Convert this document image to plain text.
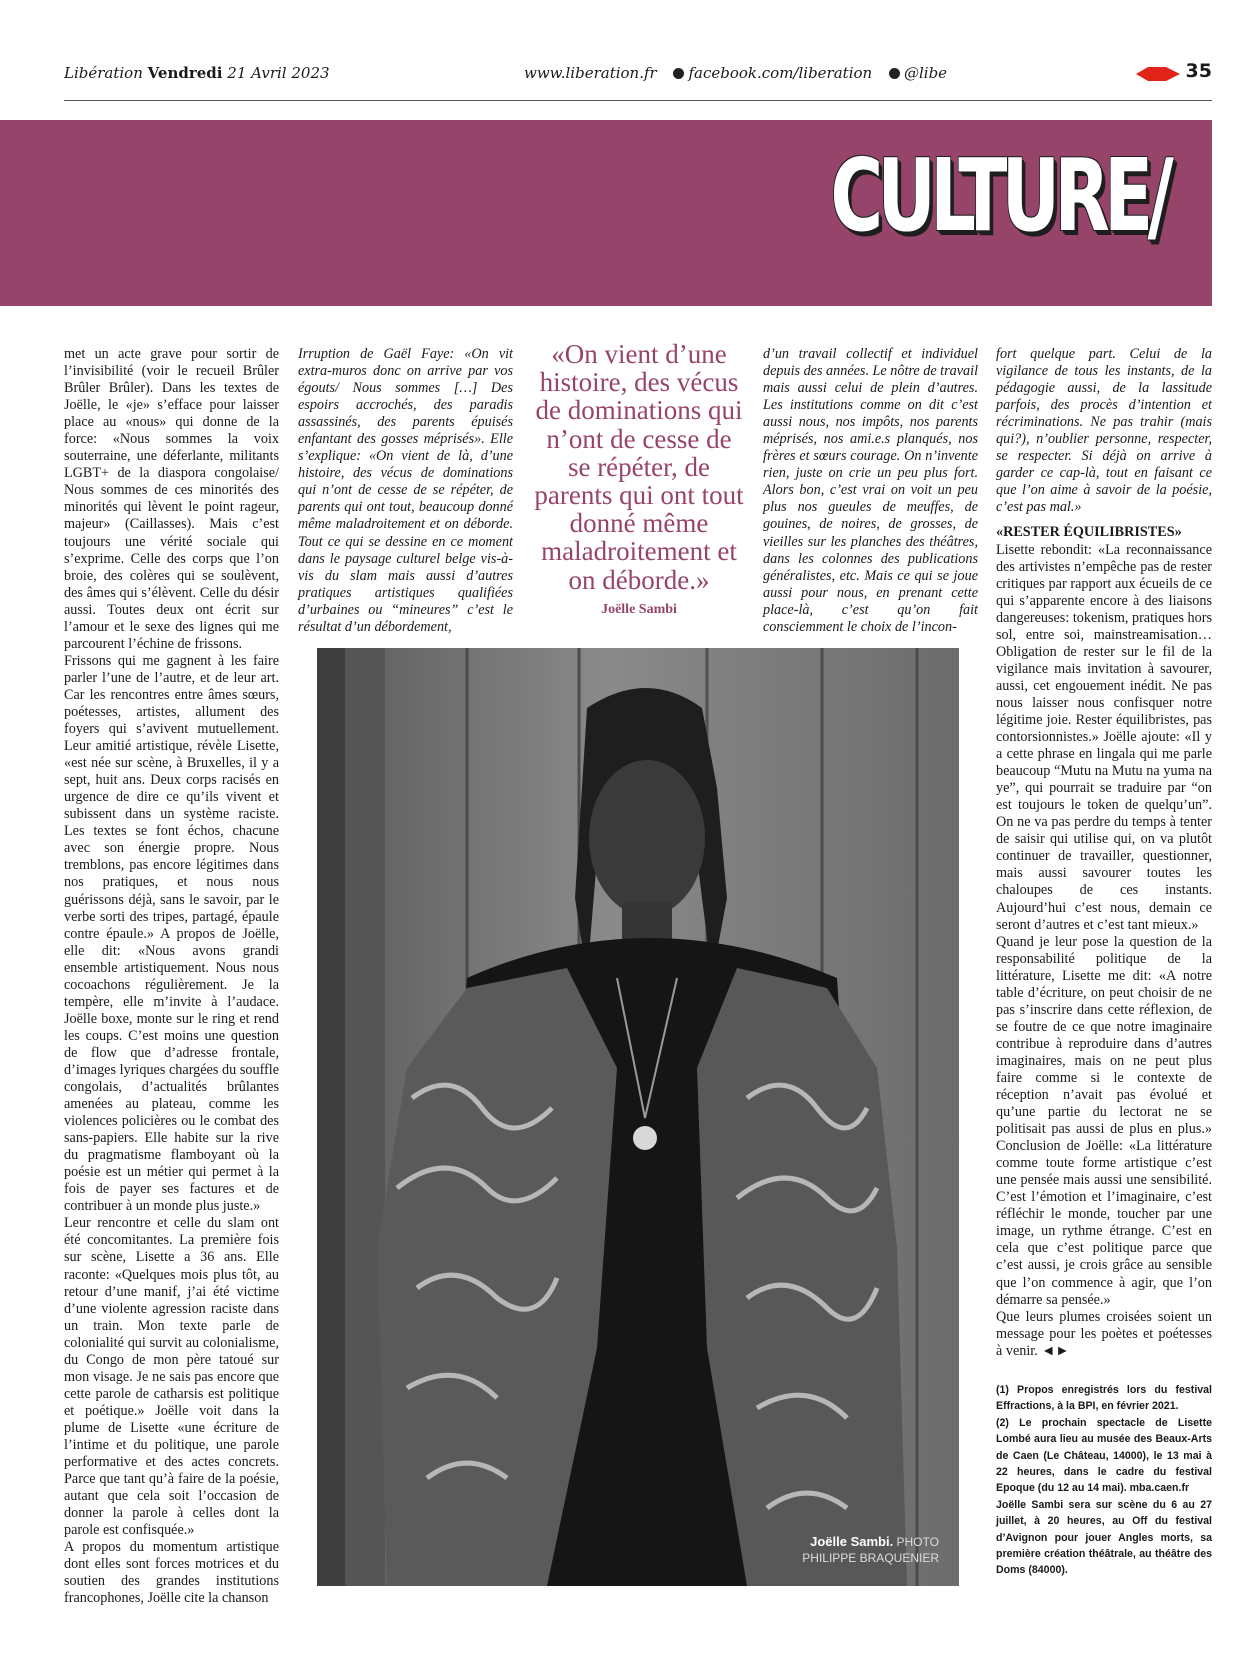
Libération Vendredi 21 Avril 2023	www.liberation.fr facebook.com/liberation @libe	35
CULTURE/

met un acte grave pour sortir de l’invisibilité (voir le recueil Brûler Brûler Brûler). Dans les textes de Joëlle, le «je» s’efface pour laisser place au «nous» qui donne de la force: «Nous sommes la voix souterraine, une déferlante, militants LGBT+ de la diaspora congolaise/ Nous sommes de ces minorités des minorités qui lèvent le point rageur, majeur» (Caillasses). Mais c’est toujours une vérité sociale qui s’exprime. Celle des corps que l’on broie, des colères qui se soulèvent, des âmes qui s’élèvent. Celle du désir aussi. Toutes deux ont écrit sur l’amour et le sexe des lignes qui me parcourent l’échine de frissons.

Frissons qui me gagnent à les faire parler l’une de l’autre, et de leur art. Car les rencontres entre âmes sœurs, poétesses, artistes, allument des foyers qui s’avivent mutuellement. Leur amitié artistique, révèle Lisette, «est née sur scène, à Bruxelles, il y a sept, huit ans. Deux corps racisés en urgence de dire ce qu’ils vivent et subissent dans un système raciste. Les textes se font échos, chacune avec son énergie propre. Nous tremblons, pas encore légitimes dans nos pratiques, et nous nous guérissons déjà, sans le savoir, par le verbe sorti des tripes, partagé, épaule contre épaule.» A propos de Joëlle, elle dit: «Nous avons grandi ensemble artistiquement. Nous nous cocoachons régulièrement. Je la tempère, elle m’invite à l’audace. Joëlle boxe, monte sur le ring et rend les coups. C’est moins une question de flow que d’adresse frontale, d’images lyriques chargées du souffle congolais, d’actualités brûlantes amenées au plateau, comme les violences policières ou le combat des sans-papiers. Elle habite sur la rive du pragmatisme flamboyant où la poésie est un métier qui permet à la fois de payer ses factures et de contribuer à un monde plus juste.»

Leur rencontre et celle du slam ont été concomitantes. La première fois sur scène, Lisette a 36 ans. Elle raconte: «Quelques mois plus tôt, au retour d’une manif, j’ai été victime d’une violente agression raciste dans un train. Mon texte parle de colonialité qui survit au colonialisme, du Congo de mon père tatoué sur mon visage. Je ne sais pas encore que cette parole de catharsis est politique et poétique.» Joëlle voit dans la plume de Lisette «une écriture de l’intime et du politique, une parole performative et des actes concrets. Parce que tant qu’à faire de la poésie, autant que cela soit l’occasion de donner la parole à celles dont la parole est confisquée.»

A propos du momentum artistique dont elles sont forces motrices et du soutien des grandes institutions francophones, Joëlle cite la chanson

Irruption de Gaël Faye: «On vit extra-muros donc on arrive par vos égouts/ Nous sommes […] Des espoirs accrochés, des paradis assassinés, des parents épuisés enfantant des gosses méprisés». Elle s’explique: «On vient de là, d’une histoire, des vécus de dominations qui n’ont de cesse de se répéter, de parents qui ont tout, beaucoup donné même maladroitement et on déborde. Tout ce qui se dessine en ce moment dans le paysage culturel belge vis-à-vis du slam mais aussi d’autres pratiques artistiques qualifiées d’urbaines ou “mineures” c’est le résultat d’un débordement,

«On vient d’une histoire, des vécus de dominations qui n’ont de cesse de se répéter, de parents qui ont tout donné même maladroitement et on déborde.»
Joëlle Sambi

d’un travail collectif et individuel depuis des années. Le nôtre de travail mais aussi celui de plein d’autres. Les institutions comme on dit c’est aussi nous, nos impôts, nos parents méprisés, nos ami.e.s planqués, nos frères et sœurs courage. On n’invente rien, juste on crie un peu plus fort. Alors bon, c’est vrai on voit un peu plus nos gueules de meuffes, de gouines, de noires, de grosses, de vieilles sur les planches des théâtres, dans les colonnes des publications généralistes, etc. Mais ce qui se joue aussi pour nous, en prenant cette place-là, c’est qu’on fait consciemment le choix de l’incon-

fort quelque part. Celui de la vigilance de tous les instants, de la pédagogie aussi, de la lassitude parfois, des procès d’intention et récriminations. Ne pas trahir (mais qui?), n’oublier personne, respecter, se respecter. Si déjà on arrive à garder ce cap-là, tout en faisant ce que l’on aime à savoir de la poésie, c’est pas mal.»

«RESTER ÉQUILIBRISTES»

Lisette rebondit: «La reconnaissance des artivistes n’empêche pas de rester critiques par rapport aux écueils de ce qui s’apparente encore à des liaisons dangereuses: tokenism, pratiques hors sol, entre soi, mainstreamisation… Obligation de rester sur le fil de la vigilance mais invitation à savourer, aussi, cet engouement inédit. Ne pas nous laisser nous confisquer notre légitime joie. Rester équilibristes, pas contorsionnistes.» Joëlle ajoute: «Il y a cette phrase en lingala qui me parle beaucoup “Mutu na Mutu na yuma na ye”, qui pourrait se traduire par “on est toujours le token de quelqu’un”. On ne va pas perdre du temps à tenter de saisir qui utilise qui, on va plutôt continuer de travailler, questionner, mais aussi savourer toutes les chaloupes de ces instants. Aujourd’hui c’est nous, demain ce seront d’autres et c’est tant mieux.»

Quand je leur pose la question de la responsabilité politique de la littérature, Lisette me dit: «A notre table d’écriture, on peut choisir de ne pas s’inscrire dans cette réflexion, de se foutre de ce que notre imaginaire contribue à reproduire dans d’autres imaginaires, mais on ne peut plus faire comme si le contexte de réception n’avait pas évolué et qu’une partie du lectorat ne se politisait pas aussi de plus en plus.» Conclusion de Joëlle: «La littérature comme toute forme artistique c’est une pensée mais aussi une sensibilité. C’est l’émotion et l’imaginaire, c’est réfléchir le monde, toucher par une image, un rythme étrange. C’est en cela que c’est politique parce que c’est aussi, je crois grâce au sensible que l’on commence à agir, que l’on démarre sa pensée.»

Que leurs plumes croisées soient un message pour les poètes et poétesses à venir. ◄►

(1) Propos enregistrés lors du festival Effractions, à la BPI, en février 2021.

(2) Le prochain spectacle de Lisette Lombé aura lieu au musée des Beaux-Arts de Caen (Le Château, 14000), le 13 mai à 22 heures, dans le cadre du festival Epoque (du 12 au 14 mai). mba.caen.fr

Joëlle Sambi sera sur scène du 6 au 27 juillet, à 20 heures, au Off du festival d’Avignon pour jouer Angles morts, sa première création théâtrale, au théâtre des Doms (84000).

Joëlle Sambi. PHOTO
PHILIPPE BRAQUENIER
